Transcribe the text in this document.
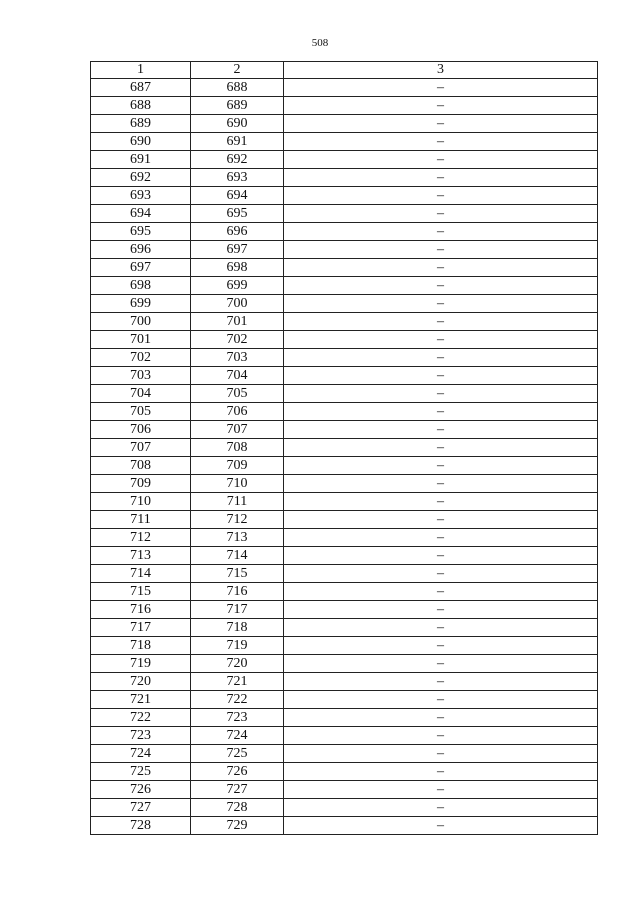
508
1	2	3
687	688	–
688	689	–
689	690	–
690	691	–
691	692	–
692	693	–
693	694	–
694	695	–
695	696	–
696	697	–
697	698	–
698	699	–
699	700	–
700	701	–
701	702	–
702	703	–
703	704	–
704	705	–
705	706	–
706	707	–
707	708	–
708	709	–
709	710	–
710	711	–
711	712	–
712	713	–
713	714	–
714	715	–
715	716	–
716	717	–
717	718	–
718	719	–
719	720	–
720	721	–
721	722	–
722	723	–
723	724	–
724	725	–
725	726	–
726	727	–
727	728	–
728	729	–
